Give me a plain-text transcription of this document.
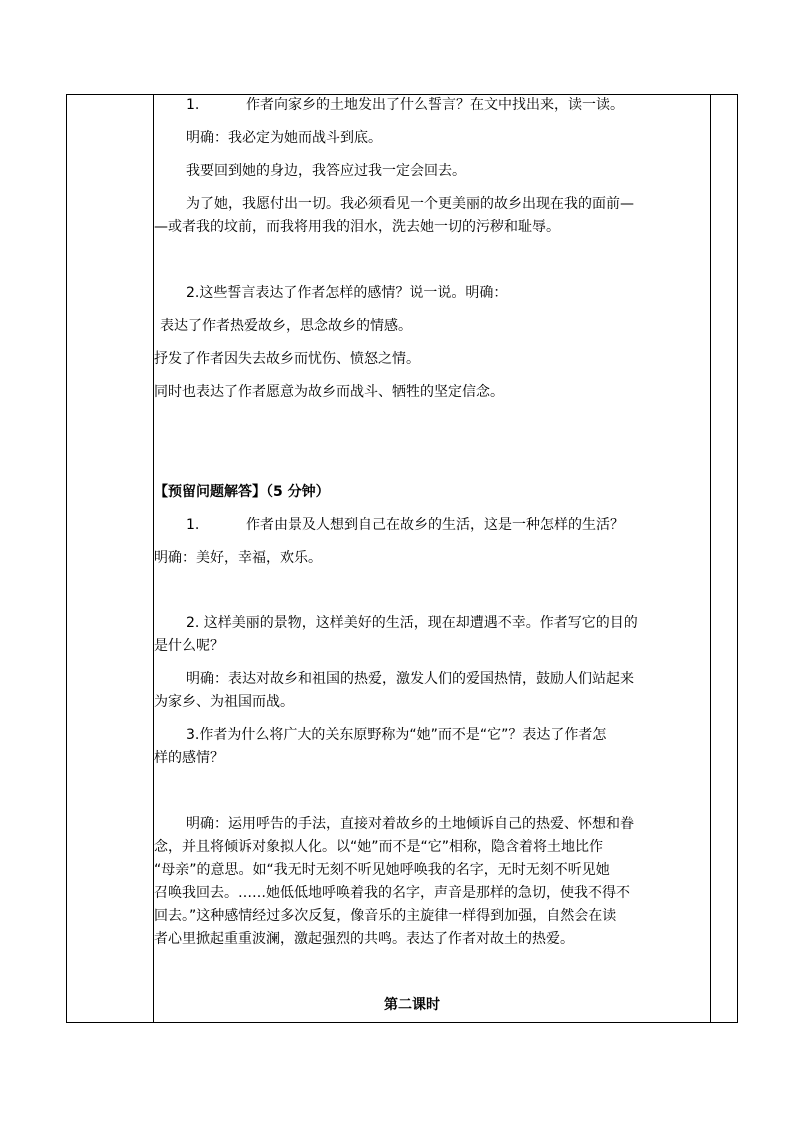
1.	作者向家乡的土地发出了什么誓言？在文中找出来，读一读。
明确：我必定为她而战斗到底。
我要回到她的身边，我答应过我一定会回去。
为了她，我愿付出一切。我必须看见一个更美丽的故乡出现在我的面前—
—或者我的坟前，而我将用我的泪水，洗去她一切的污秽和耻辱。
2.这些誓言表达了作者怎样的感情？说一说。明确：
表达了作者热爱故乡，思念故乡的情感。
抒发了作者因失去故乡而忧伤、愤怒之情。
同时也表达了作者愿意为故乡而战斗、牺牲的坚定信念。
【预留问题解答】（5 分钟）
1.	作者由景及人想到自己在故乡的生活，这是一种怎样的生活？
明确：美好，幸福，欢乐。
2. 这样美丽的景物，这样美好的生活，现在却遭遇不幸。作者写它的目的
是什么呢？
明确：表达对故乡和祖国的热爱，激发人们的爱国热情，鼓励人们站起来
为家乡、为祖国而战。
3.作者为什么将广大的关东原野称为“她”而不是“它”？表达了作者怎
样的感情？
明确：运用呼告的手法，直接对着故乡的土地倾诉自己的热爱、怀想和眷
念，并且将倾诉对象拟人化。以“她”而不是“它”相称，隐含着将土地比作
“母亲”的意思。如“我无时无刻不听见她呼唤我的名字，无时无刻不听见她
召唤我回去。……她低低地呼唤着我的名字，声音是那样的急切，使我不得不
回去。”这种感情经过多次反复，像音乐的主旋律一样得到加强，自然会在读
者心里掀起重重波澜，激起强烈的共鸣。表达了作者对故土的热爱。
第二课时
